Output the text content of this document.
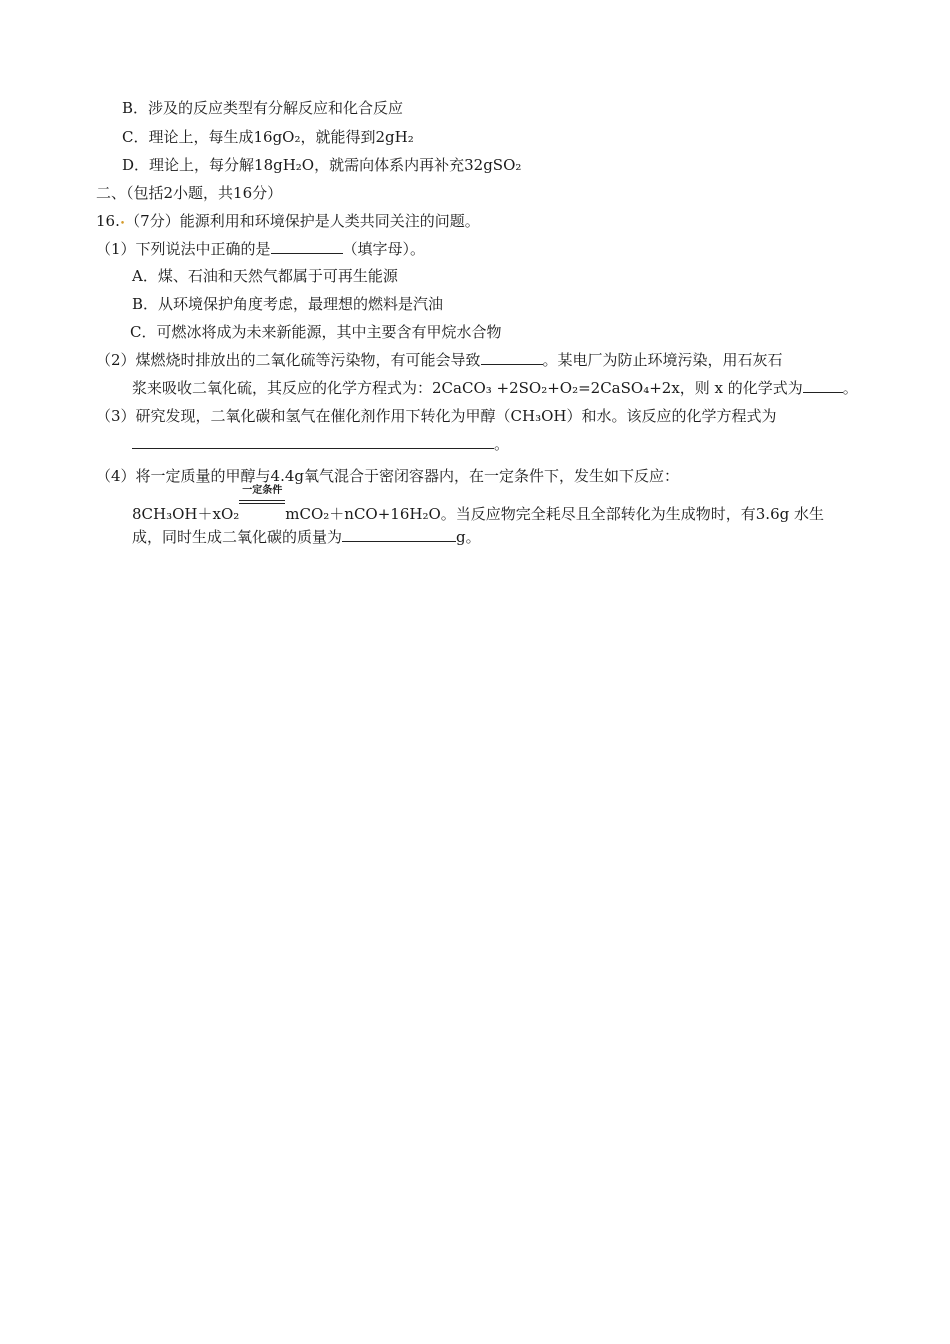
B．涉及的反应类型有分解反应和化合反应
C．理论上，每生成16gO₂，就能得到2gH₂
D．理论上，每分解18gH₂O，就需向体系内再补充32gSO₂
二、（包括2小题，共16分）
16.•（7分）能源利用和环境保护是人类共同关注的问题。
（1）下列说法中正确的是	（填字母）。
A．煤、石油和天然气都属于可再生能源
B．从环境保护角度考虑，最理想的燃料是汽油
C．可燃冰将成为未来新能源，其中主要含有甲烷水合物
（2）煤燃烧时排放出的二氧化硫等污染物，有可能会导致	。某电厂为防止环境污染，用石灰石
浆来吸收二氧化硫，其反应的化学方程式为：2CaCO₃ +2SO₂+O₂=2CaSO₄+2x，则 x 的化学式为	。
（3）研究发现，二氧化碳和氢气在催化剂作用下转化为甲醇（CH₃OH）和水。该反应的化学方程式为
。
（4）将一定质量的甲醇与4.4g氧气混合于密闭容器内，在一定条件下，发生如下反应：
8CH₃OH＋xO₂
一定条件
mCO₂＋nCO+16H₂O。当反应物完全耗尽且全部转化为生成物时，有3.6g 水生
成，同时生成二氧化碳的质量为	g。
